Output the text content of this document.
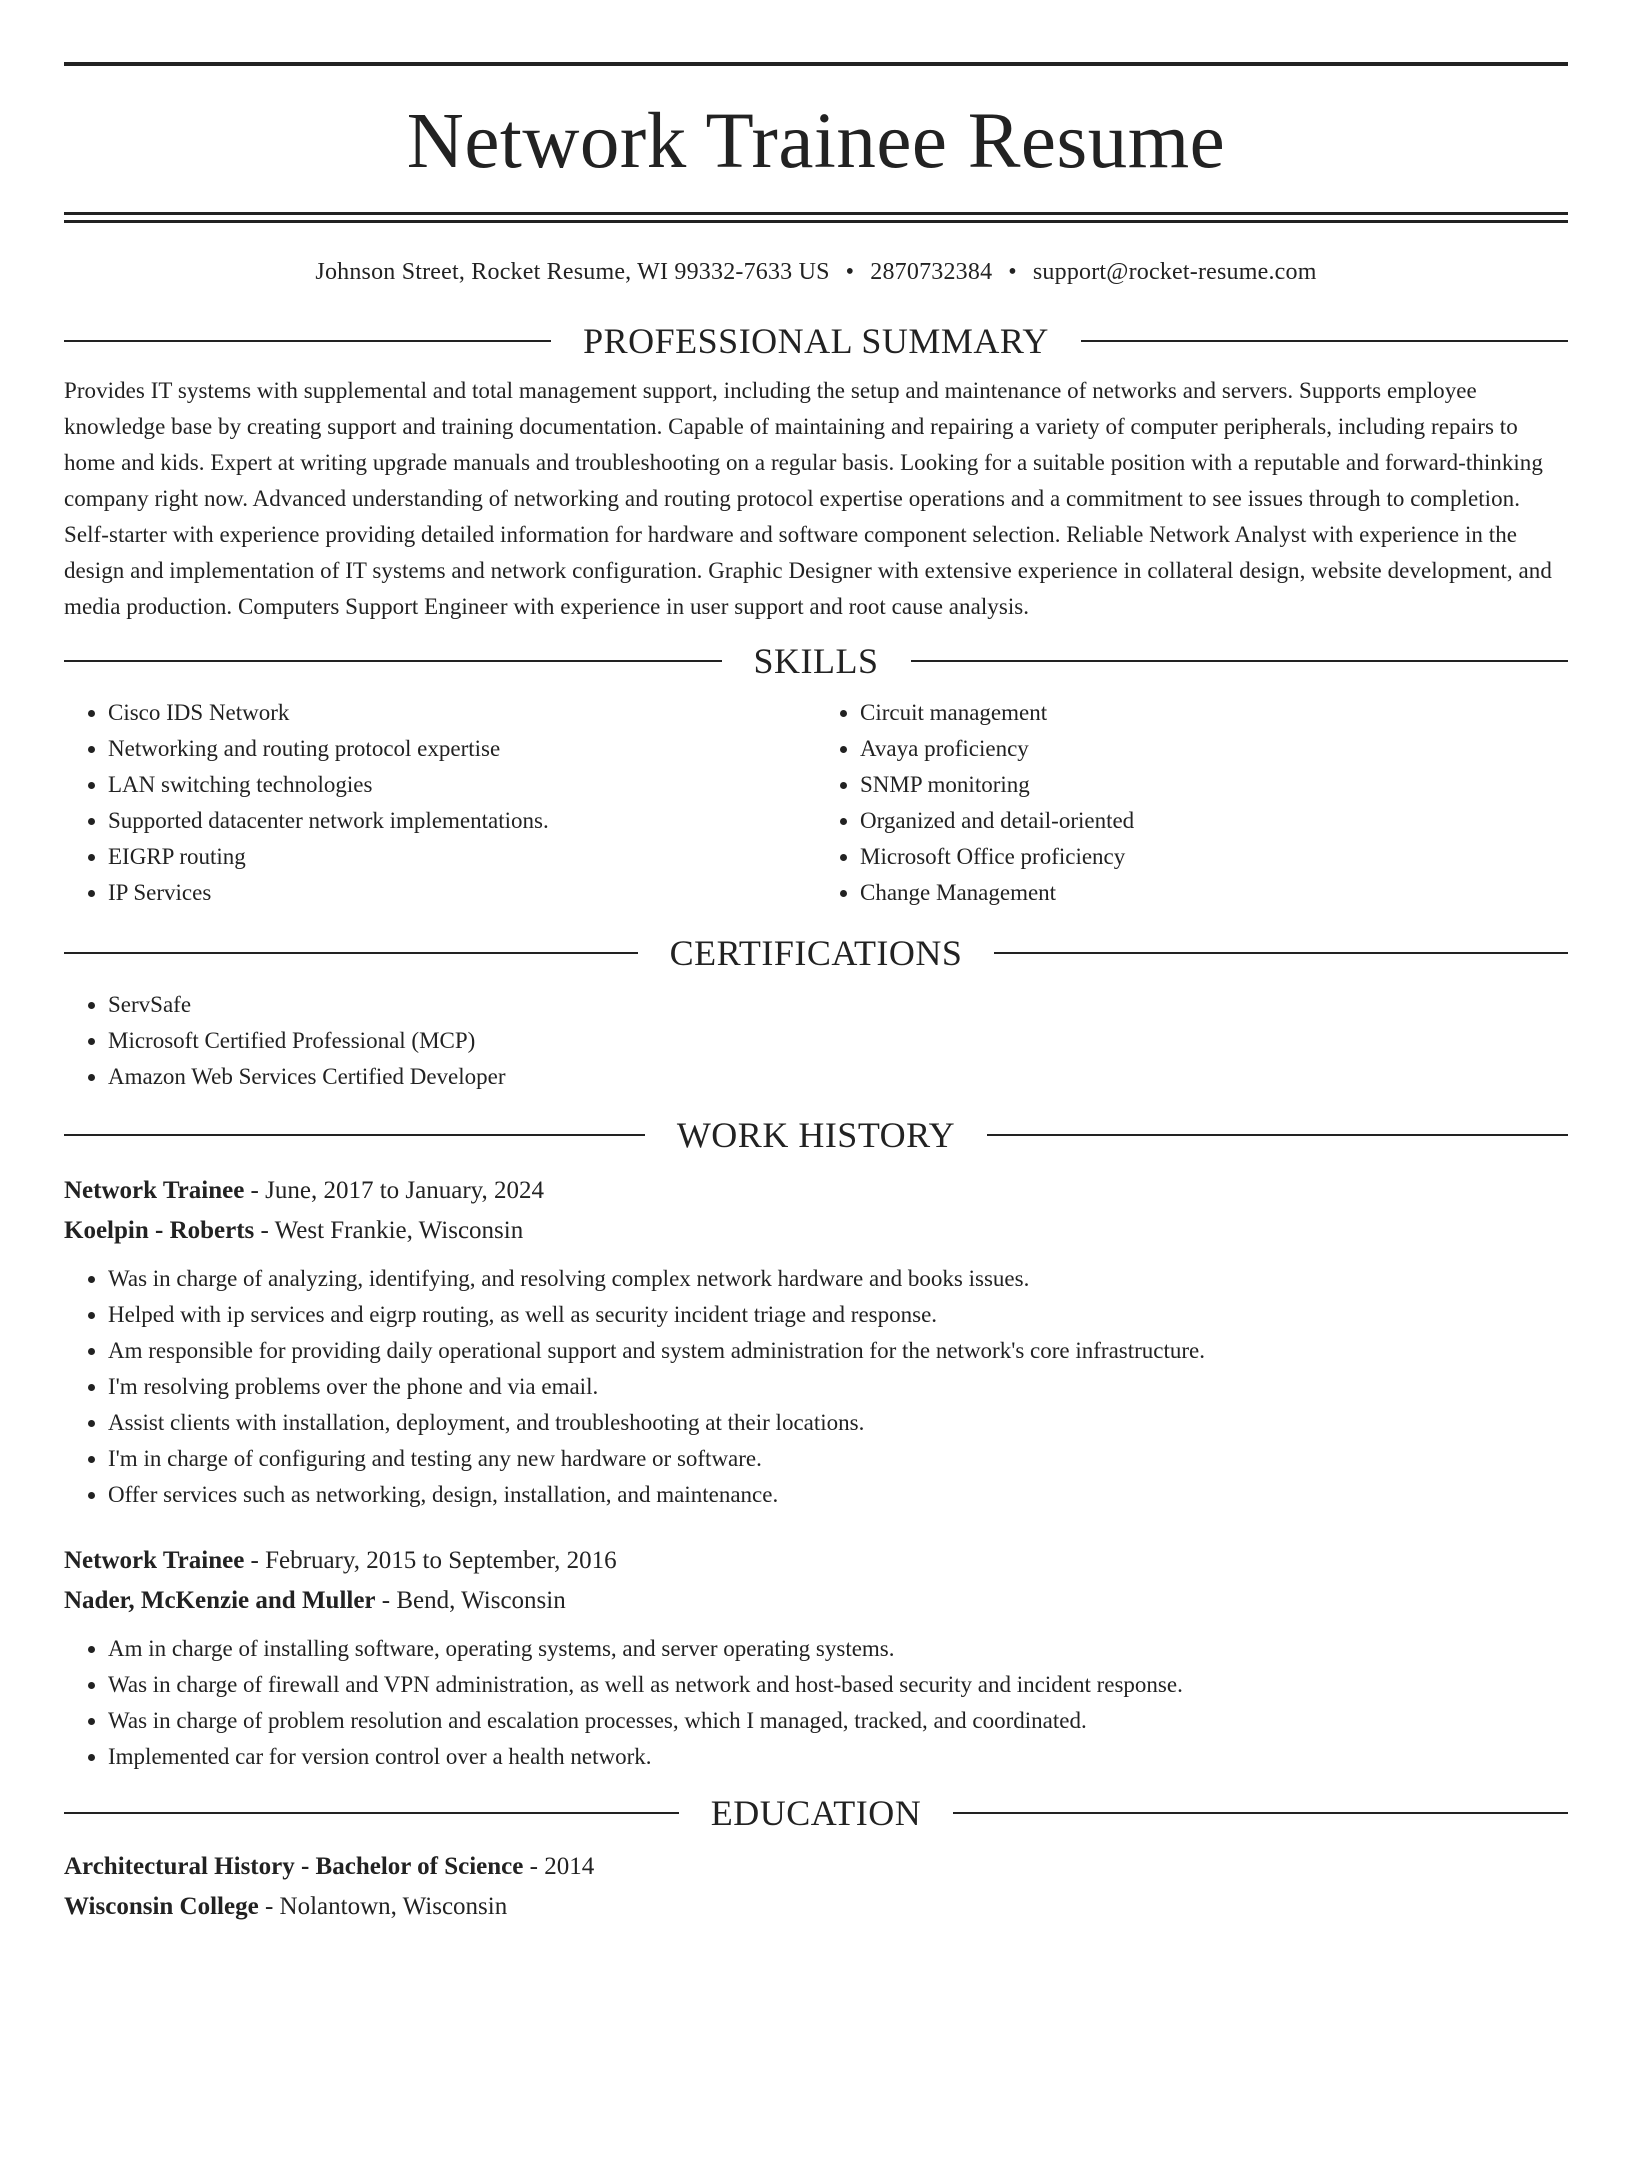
Network Trainee Resume
Johnson Street, Rocket Resume, WI 99332-7633 US • 2870732384 • support@rocket-resume.com
PROFESSIONAL SUMMARY

Provides IT systems with supplemental and total management support, including the setup and maintenance of networks and servers. Supports employee knowledge base by creating support and training documentation. Capable of maintaining and repairing a variety of computer peripherals, including repairs to home and kids. Expert at writing upgrade manuals and troubleshooting on a regular basis. Looking for a suitable position with a reputable and forward-thinking company right now. Advanced understanding of networking and routing protocol expertise operations and a commitment to see issues through to completion. Self-starter with experience providing detailed information for hardware and software component selection. Reliable Network Analyst with experience in the design and implementation of IT systems and network configuration. Graphic Designer with extensive experience in collateral design, website development, and media production. Computers Support Engineer with experience in user support and root cause analysis.

SKILLS
• Cisco IDS Network
• Networking and routing protocol expertise
• LAN switching technologies
• Supported datacenter network implementations.
• EIGRP routing
• IP Services
• Circuit management
• Avaya proficiency
• SNMP monitoring
• Organized and detail-oriented
• Microsoft Office proficiency
• Change Management
CERTIFICATIONS
• ServSafe
• Microsoft Certified Professional (MCP)
• Amazon Web Services Certified Developer
WORK HISTORY
Network Trainee - June, 2017 to January, 2024
Koelpin - Roberts - West Frankie, Wisconsin
• Was in charge of analyzing, identifying, and resolving complex network hardware and books issues.
• Helped with ip services and eigrp routing, as well as security incident triage and response.
• Am responsible for providing daily operational support and system administration for the network's core infrastructure.
• I'm resolving problems over the phone and via email.
• Assist clients with installation, deployment, and troubleshooting at their locations.
• I'm in charge of configuring and testing any new hardware or software.
• Offer services such as networking, design, installation, and maintenance.
Network Trainee - February, 2015 to September, 2016
Nader, McKenzie and Muller - Bend, Wisconsin
• Am in charge of installing software, operating systems, and server operating systems.
• Was in charge of firewall and VPN administration, as well as network and host-based security and incident response.
• Was in charge of problem resolution and escalation processes, which I managed, tracked, and coordinated.
• Implemented car for version control over a health network.
EDUCATION
Architectural History - Bachelor of Science - 2014
Wisconsin College - Nolantown, Wisconsin
